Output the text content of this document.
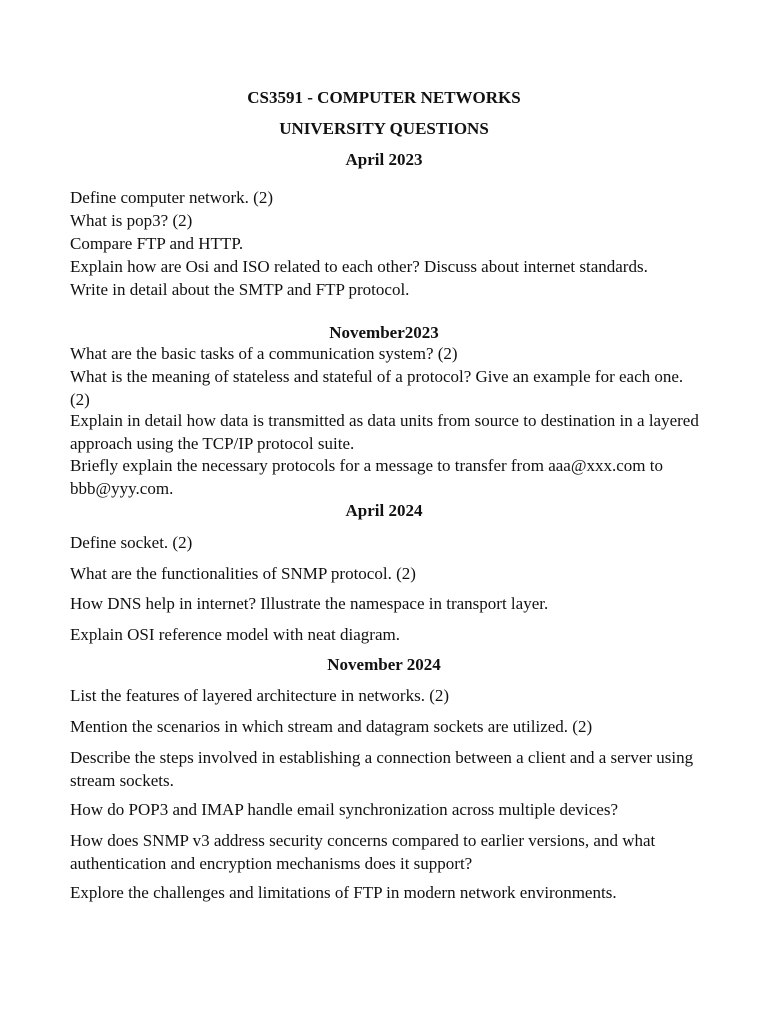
CS3591 - COMPUTER NETWORKS
UNIVERSITY QUESTIONS
April 2023
Define computer network. (2)
What is pop3? (2)
Compare FTP and HTTP.
Explain how are Osi and ISO related to each other? Discuss about internet standards.
Write in detail about the SMTP and FTP protocol.
November2023
What are the basic tasks of a communication system? (2)
What is the meaning of stateless and stateful of a protocol? Give an example for each one. (2)
Explain in detail how data is transmitted as data units from source to destination in a layered approach using the TCP/IP protocol suite.
Briefly explain the necessary protocols for a message to transfer from aaa@xxx.com to bbb@yyy.com.
April 2024
Define socket. (2)
What are the functionalities of SNMP protocol. (2)
How DNS help in internet? Illustrate the namespace in transport layer.
Explain OSI reference model with neat diagram.
November 2024
List the features of layered architecture in networks. (2)
Mention the scenarios in which stream and datagram sockets are utilized. (2)
Describe the steps involved in establishing a connection between a client and a server using stream sockets.
How do POP3 and IMAP handle email synchronization across multiple devices?
How does SNMP v3 address security concerns compared to earlier versions, and what authentication and encryption mechanisms does it support?
Explore the challenges and limitations of FTP in modern network environments.
